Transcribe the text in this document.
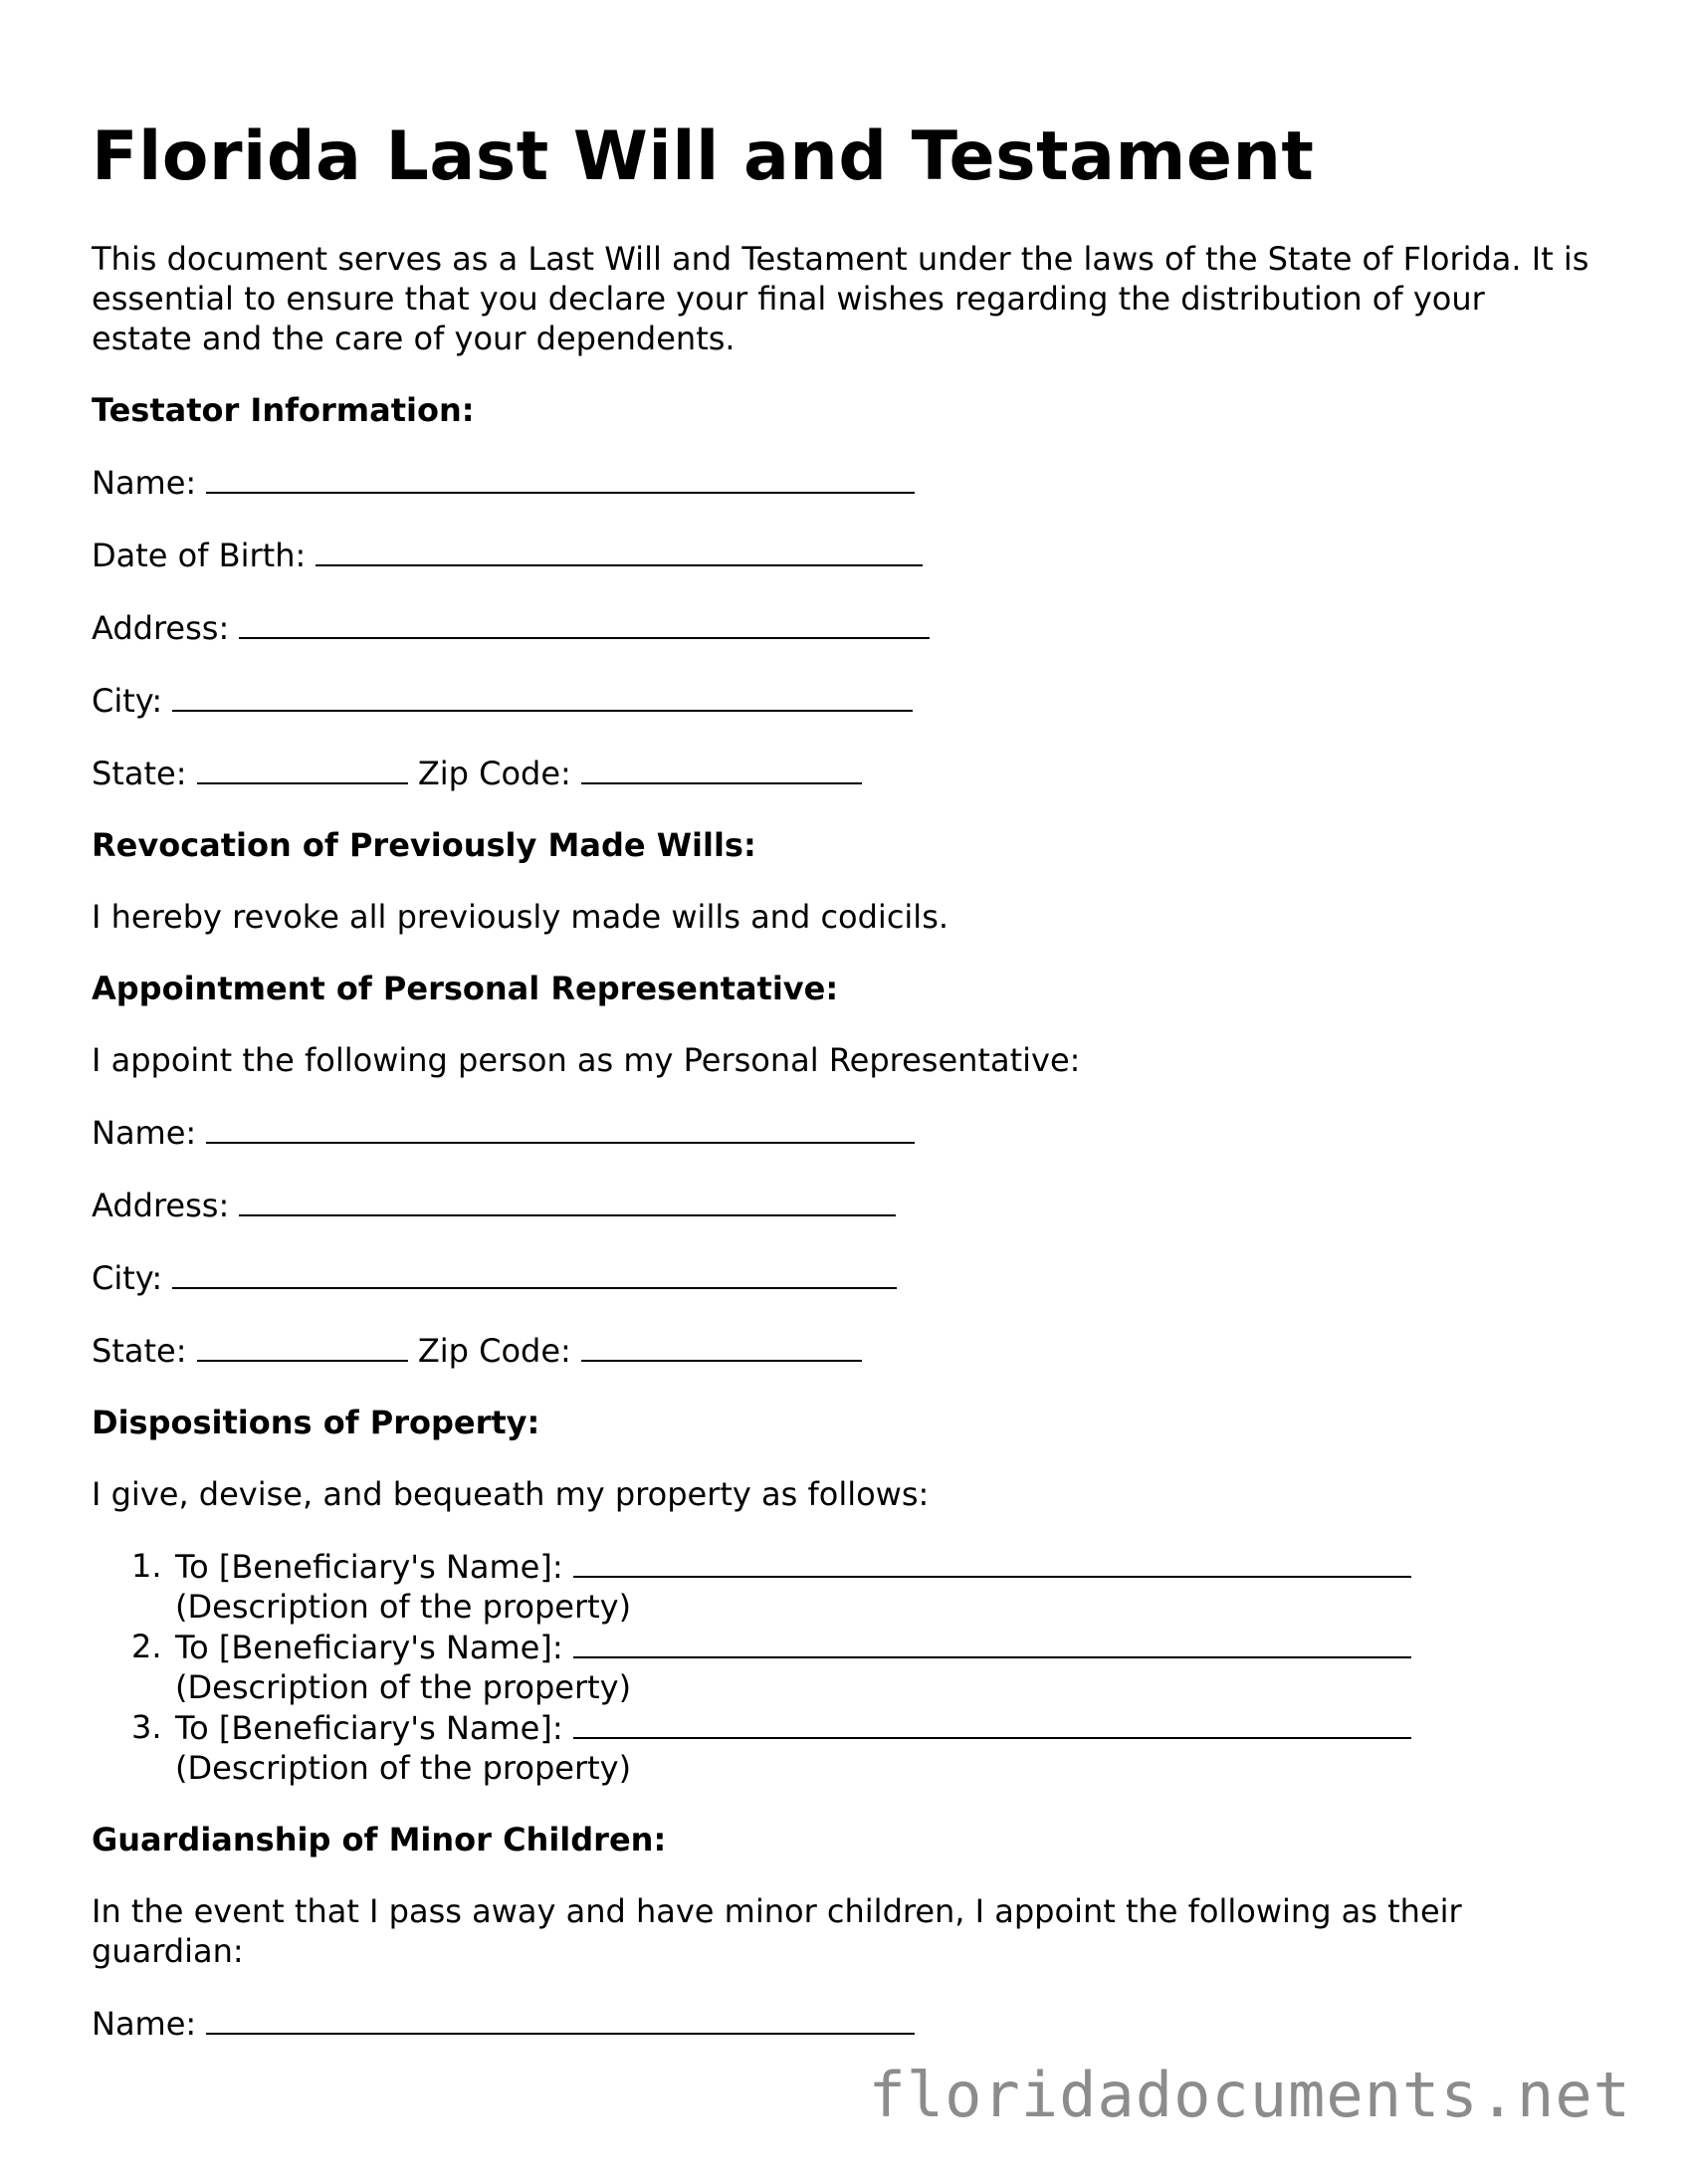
Florida Last Will and Testament

This document serves as a Last Will and Testament under the laws of the State of Florida. It is essential to ensure that you declare your final wishes regarding the distribution of your estate and the care of your dependents.

Testator Information:
Name:
Date of Birth:
Address:
City:
State:	Zip Code:
Revocation of Previously Made Wills:
I hereby revoke all previously made wills and codicils.
Appointment of Personal Representative:
I appoint the following person as my Personal Representative:
Name:
Address:
City:
State:	Zip Code:
Dispositions of Property:
I give, devise, and bequeath my property as follows:
1. To [Beneficiary's Name]:
(Description of the property)
2. To [Beneficiary's Name]:
(Description of the property)
3. To [Beneficiary's Name]:
(Description of the property)
Guardianship of Minor Children:
In the event that I pass away and have minor children, I appoint the following as their guardian:
Name:
floridadocuments.net
